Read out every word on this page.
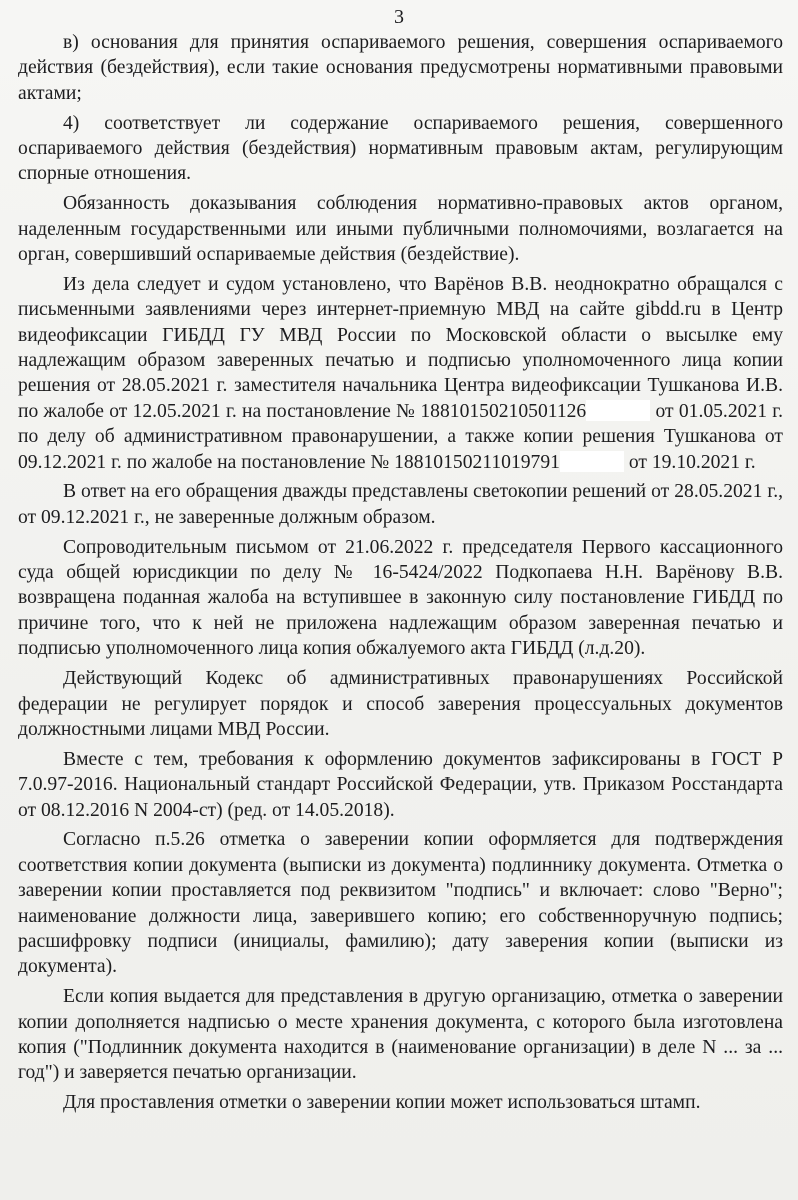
3

в) основания для принятия оспариваемого решения, совершения оспариваемого действия (бездействия), если такие основания предусмотрены нормативными правовыми актами;

4) соответствует ли содержание оспариваемого решения, совершенного оспариваемого действия (бездействия) нормативным правовым актам, регулирующим спорные отношения.

Обязанность доказывания соблюдения нормативно-правовых актов органом, наделенным государственными или иными публичными полномочиями, возлагается на орган, совершивший оспариваемые действия (бездействие).

Из дела следует и судом установлено, что Варёнов В.В. неоднократно обращался с письменными заявлениями через интернет-приемную МВД на сайте gibdd.ru в Центр видеофиксации ГИБДД ГУ МВД России по Московской области о высылке ему надлежащим образом заверенных печатью и подписью уполномоченного лица копии решения от 28.05.2021 г. заместителя начальника Центра видеофиксации Тушканова И.В. по жалобе от 12.05.2021 г. на постановление № 18810150210501126	от 01.05.2021 г. по делу об административном правонарушении, а также копии решения Тушканова от 09.12.2021 г. по жалобе на постановление № 18810150211019791	от 19.10.2021 г.

В ответ на его обращения дважды представлены светокопии решений от 28.05.2021 г., от 09.12.2021 г., не заверенные должным образом.

Сопроводительным письмом от 21.06.2022 г. председателя Первого кассационного суда общей юрисдикции по делу № 16-5424/2022 Подкопаева Н.Н. Варёнову В.В. возвращена поданная жалоба на вступившее в законную силу постановление ГИБДД по причине того, что к ней не приложена надлежащим образом заверенная печатью и подписью уполномоченного лица копия обжалуемого акта ГИБДД (л.д.20).

Действующий Кодекс об административных правонарушениях Российской федерации не регулирует порядок и способ заверения процессуальных документов должностными лицами МВД России.

Вместе с тем, требования к оформлению документов зафиксированы в ГОСТ Р 7.0.97-2016. Национальный стандарт Российской Федерации, утв. Приказом Росстандарта от 08.12.2016 N 2004-ст) (ред. от 14.05.2018).

Согласно п.5.26 отметка о заверении копии оформляется для подтверждения соответствия копии документа (выписки из документа) подлиннику документа. Отметка о заверении копии проставляется под реквизитом "подпись" и включает: слово "Верно"; наименование должности лица, заверившего копию; его собственноручную подпись; расшифровку подписи (инициалы, фамилию); дату заверения копии (выписки из документа).

Если копия выдается для представления в другую организацию, отметка о заверении копии дополняется надписью о месте хранения документа, с которого была изготовлена копия ("Подлинник документа находится в (наименование организации) в деле N ... за ... год") и заверяется печатью организации.

Для проставления отметки о заверении копии может использоваться штамп.
